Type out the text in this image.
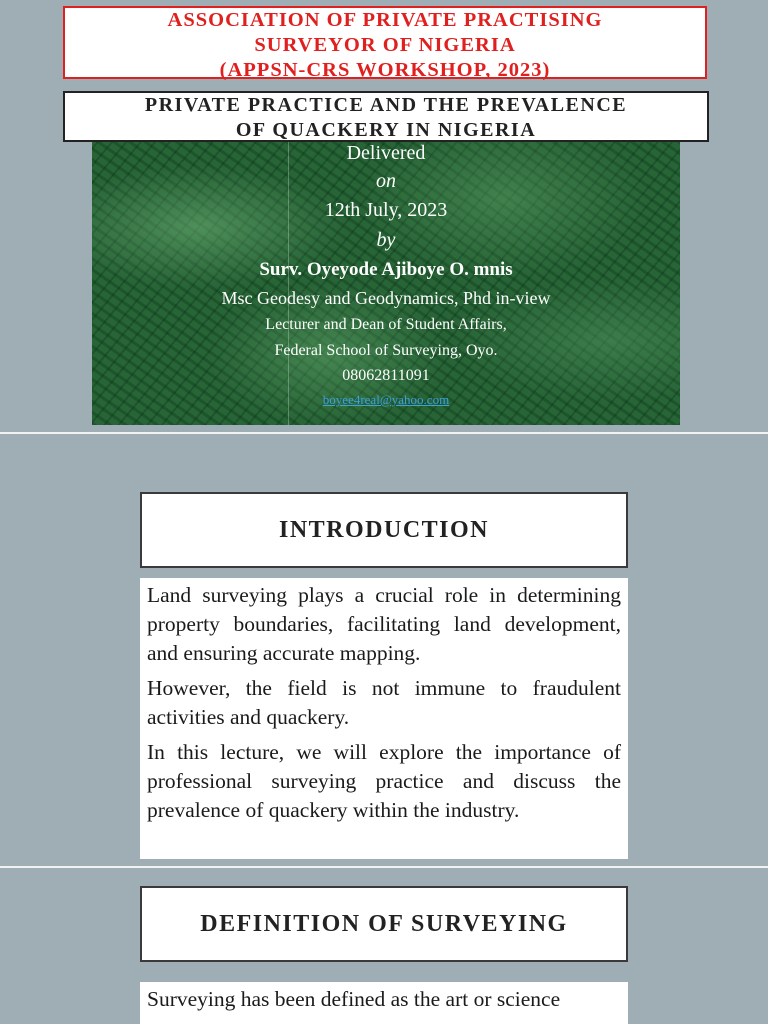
ASSOCIATION OF PRIVATE PRACTISING
SURVEYOR OF NIGERIA
(APPSN-CRS WORKSHOP, 2023)
PRIVATE PRACTICE AND THE PREVALENCE
OF QUACKERY IN NIGERIA
Delivered
on
12th July, 2023
by
Surv. Oyeyode Ajiboye O. mnis
Msc Geodesy and Geodynamics, Phd in-view
Lecturer and Dean of Student Affairs,
Federal School of Surveying, Oyo.
08062811091
boyee4real@yahoo.com
INTRODUCTION

Land surveying plays a crucial role in determining property boundaries, facilitating land development, and ensuring accurate mapping.

However, the field is not immune to fraudulent activities and quackery.

In this lecture, we will explore the importance of professional surveying practice and discuss the prevalence of quackery within the industry.

DEFINITION OF SURVEYING

Surveying has been defined as the art or science
